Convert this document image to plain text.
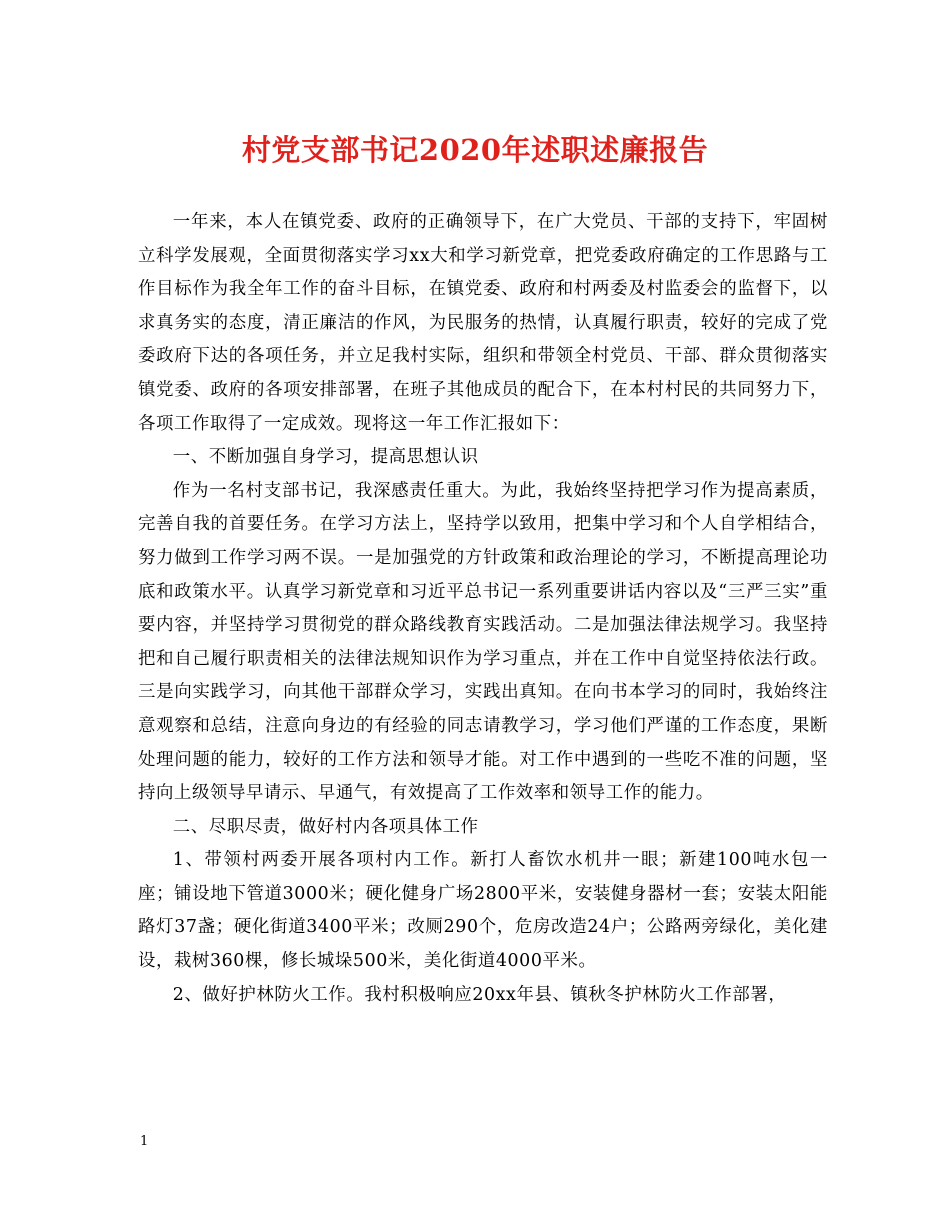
村党支部书记2020年述职述廉报告

一年来，本人在镇党委、政府的正确领导下，在广大党员、干部的支持下，牢固树立科学发展观，全面贯彻落实学习xx大和学习新党章，把党委政府确定的工作思路与工作目标作为我全年工作的奋斗目标，在镇党委、政府和村两委及村监委会的监督下，以求真务实的态度，清正廉洁的作风，为民服务的热情，认真履行职责，较好的完成了党委政府下达的各项任务，并立足我村实际，组织和带领全村党员、干部、群众贯彻落实镇党委、政府的各项安排部署，在班子其他成员的配合下，在本村村民的共同努力下，各项工作取得了一定成效。现将这一年工作汇报如下：

一、不断加强自身学习，提高思想认识

作为一名村支部书记，我深感责任重大。为此，我始终坚持把学习作为提高素质，完善自我的首要任务。在学习方法上，坚持学以致用，把集中学习和个人自学相结合，努力做到工作学习两不误。一是加强党的方针政策和政治理论的学习，不断提高理论功底和政策水平。认真学习新党章和习近平总书记一系列重要讲话内容以及“三严三实”重要内容，并坚持学习贯彻党的群众路线教育实践活动。二是加强法律法规学习。我坚持把和自己履行职责相关的法律法规知识作为学习重点，并在工作中自觉坚持依法行政。三是向实践学习，向其他干部群众学习，实践出真知。在向书本学习的同时，我始终注意观察和总结，注意向身边的有经验的同志请教学习，学习他们严谨的工作态度，果断处理问题的能力，较好的工作方法和领导才能。对工作中遇到的一些吃不准的问题，坚持向上级领导早请示、早通气，有效提高了工作效率和领导工作的能力。

二、尽职尽责，做好村内各项具体工作

1、带领村两委开展各项村内工作。新打人畜饮水机井一眼；新建100吨水包一座；铺设地下管道3000米；硬化健身广场2800平米，安装健身器材一套；安装太阳能路灯37盏；硬化街道3400平米；改厕290个，危房改造24户；公路两旁绿化，美化建设，栽树360棵，修长城垛500米，美化街道4000平米。

2、做好护林防火工作。我村积极响应20xx年县、镇秋冬护林防火工作部署，

1
